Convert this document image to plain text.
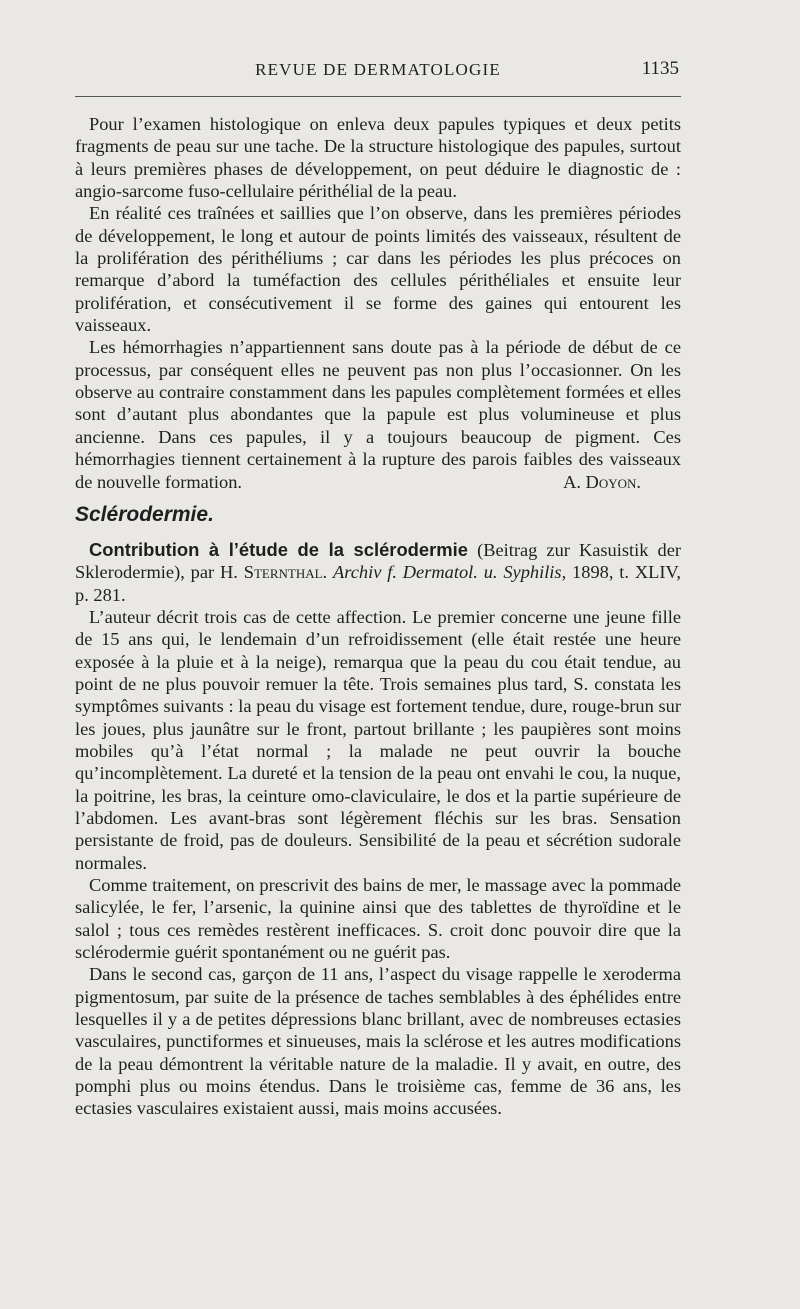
REVUE DE DERMATOLOGIE	1135

Pour l’examen histologique on enleva deux papules typiques et deux petits fragments de peau sur une tache. De la structure histologique des papules, surtout à leurs premières phases de développement, on peut déduire le diagnostic de : angio-sarcome fuso-cellulaire périthélial de la peau.

En réalité ces traînées et saillies que l’on observe, dans les premières périodes de développement, le long et autour de points limités des vaisseaux, résultent de la prolifération des périthéliums ; car dans les périodes les plus précoces on remarque d’abord la tuméfaction des cellules périthéliales et ensuite leur prolifération, et consécutivement il se forme des gaines qui entourent les vaisseaux.

Les hémorrhagies n’appartiennent sans doute pas à la période de début de ce processus, par conséquent elles ne peuvent pas non plus l’occasionner. On les observe au contraire constamment dans les papules complètement formées et elles sont d’autant plus abondantes que la papule est plus volumineuse et plus ancienne. Dans ces papules, il y a toujours beaucoup de pigment. Ces hémorrhagies tiennent certainement à la rupture des parois faibles des vaisseaux de nouvelle formation.	A. Doyon.

Sclérodermie.

Contribution à l’étude de la sclérodermie (Beitrag zur Kasuistik der Sklerodermie), par H. Sternthal. Archiv f. Dermatol. u. Syphilis, 1898, t. XLIV, p. 281.

L’auteur décrit trois cas de cette affection. Le premier concerne une jeune fille de 15 ans qui, le lendemain d’un refroidissement (elle était restée une heure exposée à la pluie et à la neige), remarqua que la peau du cou était tendue, au point de ne plus pouvoir remuer la tête. Trois semaines plus tard, S. constata les symptômes suivants : la peau du visage est fortement tendue, dure, rouge-brun sur les joues, plus jaunâtre sur le front, partout brillante ; les paupières sont moins mobiles qu’à l’état normal ; la malade ne peut ouvrir la bouche qu’incomplètement. La dureté et la tension de la peau ont envahi le cou, la nuque, la poitrine, les bras, la ceinture omo-claviculaire, le dos et la partie supérieure de l’abdomen. Les avant-bras sont légèrement fléchis sur les bras. Sensation persistante de froid, pas de douleurs. Sensibilité de la peau et sécrétion sudorale normales.

Comme traitement, on prescrivit des bains de mer, le massage avec la pommade salicylée, le fer, l’arsenic, la quinine ainsi que des tablettes de thyroïdine et le salol ; tous ces remèdes restèrent inefficaces. S. croit donc pouvoir dire que la sclérodermie guérit spontanément ou ne guérit pas.

Dans le second cas, garçon de 11 ans, l’aspect du visage rappelle le xeroderma pigmentosum, par suite de la présence de taches semblables à des éphélides entre lesquelles il y a de petites dépressions blanc brillant, avec de nombreuses ectasies vasculaires, punctiformes et sinueuses, mais la sclérose et les autres modifications de la peau démontrent la véritable nature de la maladie. Il y avait, en outre, des pomphi plus ou moins étendus. Dans le troisième cas, femme de 36 ans, les ectasies vasculaires existaient aussi, mais moins accusées.
